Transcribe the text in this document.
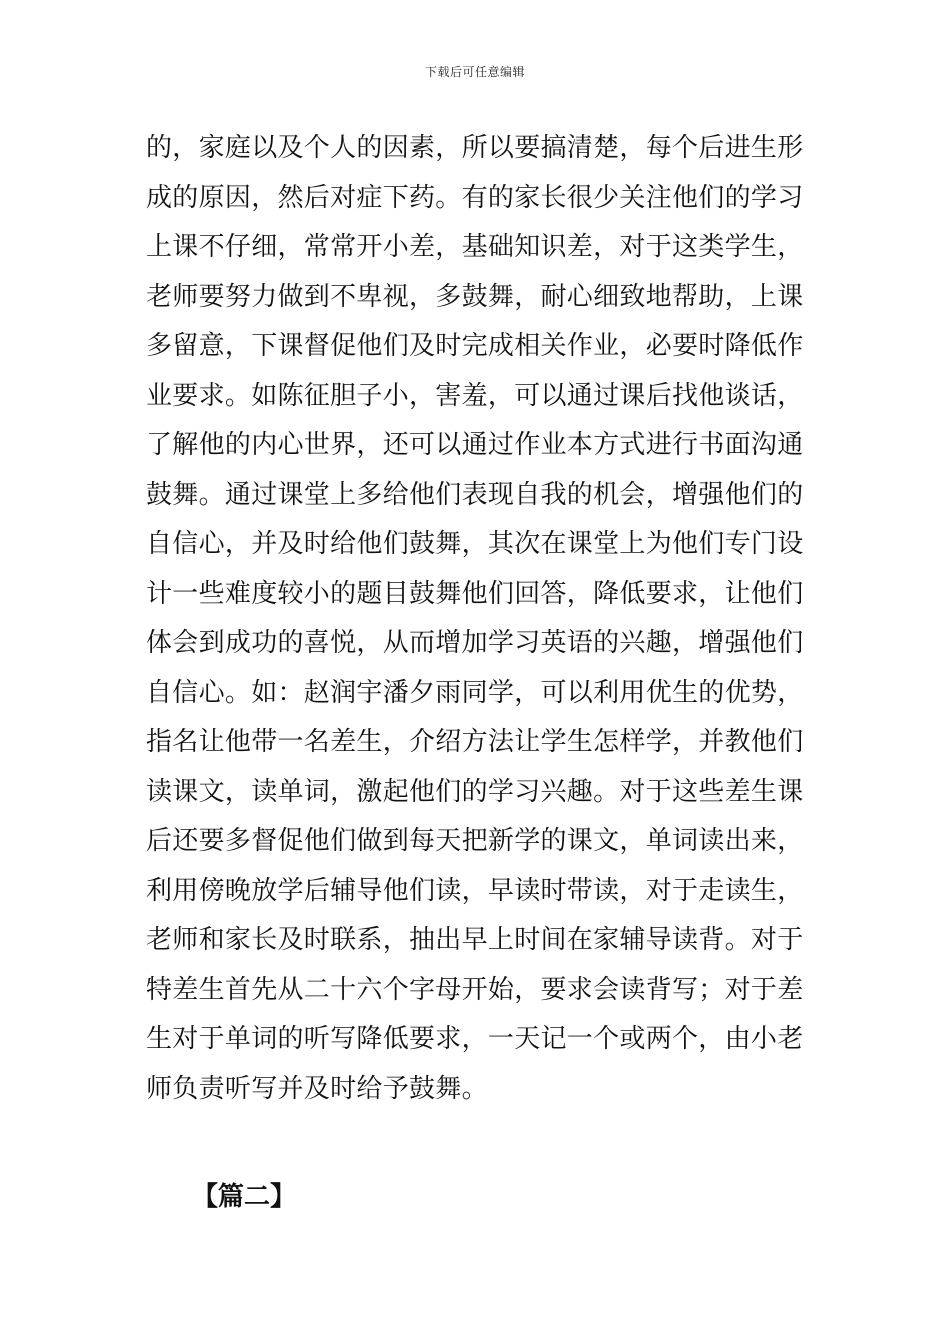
下载后可任意编辑
的，家庭以及个人的因素，所以要搞清楚，每个后进生形
成的原因，然后对症下药。有的家长很少关注他们的学习
上课不仔细，常常开小差，基础知识差，对于这类学生，
老师要努力做到不卑视，多鼓舞，耐心细致地帮助，上课
多留意，下课督促他们及时完成相关作业，必要时降低作
业要求。如陈征胆子小，害羞，可以通过课后找他谈话，
了解他的内心世界，还可以通过作业本方式进行书面沟通
鼓舞。通过课堂上多给他们表现自我的机会，增强他们的
自信心，并及时给他们鼓舞，其次在课堂上为他们专门设
计一些难度较小的题目鼓舞他们回答，降低要求，让他们
体会到成功的喜悦，从而增加学习英语的兴趣，增强他们
自信心。如：赵润宇潘夕雨同学，可以利用优生的优势，
指名让他带一名差生，介绍方法让学生怎样学，并教他们
读课文，读单词，激起他们的学习兴趣。对于这些差生课
后还要多督促他们做到每天把新学的课文，单词读出来，
利用傍晚放学后辅导他们读，早读时带读，对于走读生，
老师和家长及时联系，抽出早上时间在家辅导读背。对于
特差生首先从二十六个字母开始，要求会读背写；对于差
生对于单词的听写降低要求，一天记一个或两个，由小老
师负责听写并及时给予鼓舞。
【篇二】
